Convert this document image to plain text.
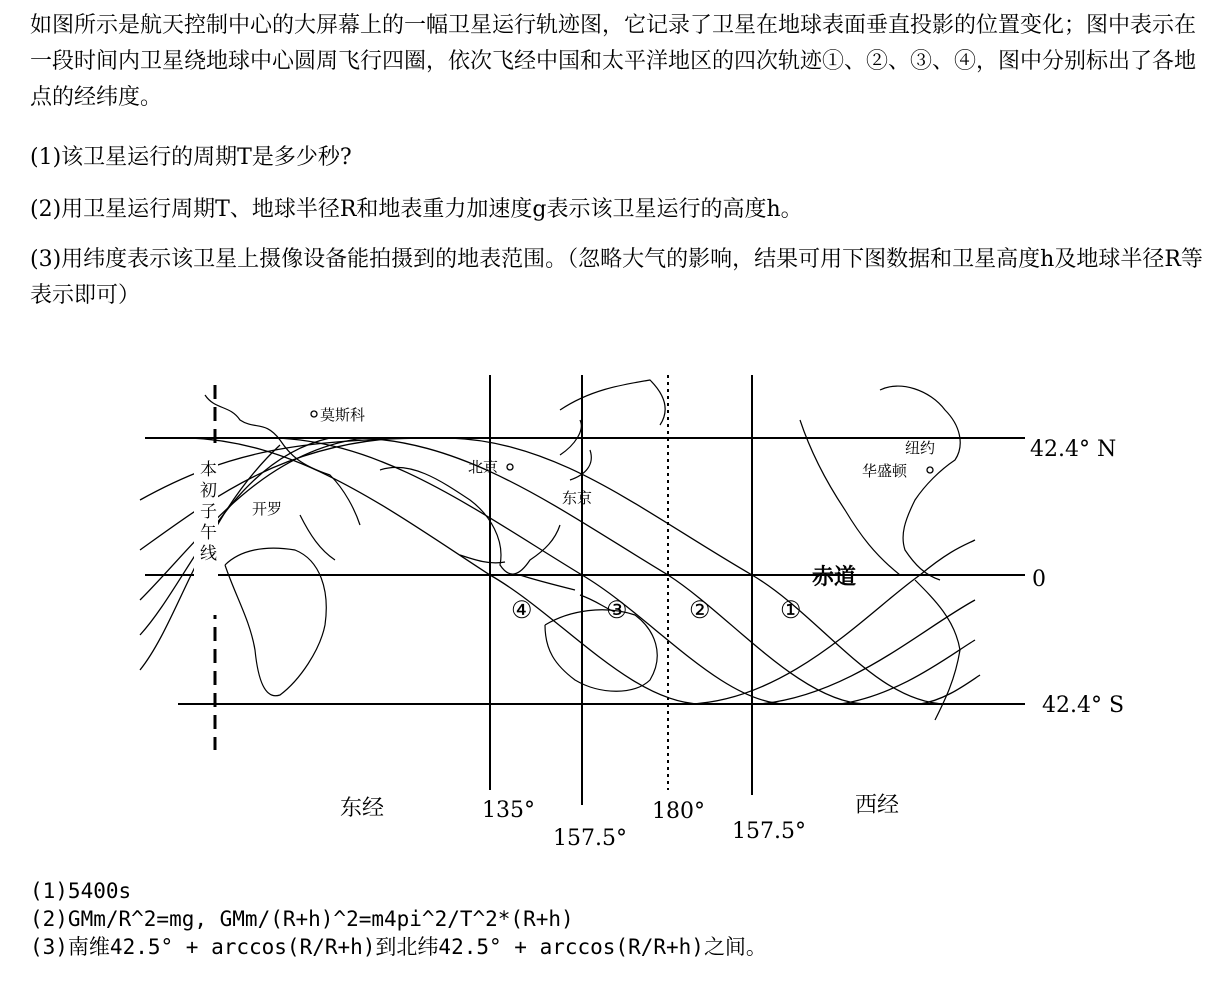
如图所示是航天控制中心的大屏幕上的一幅卫星运行轨迹图，它记录了卫星在地球表面垂直投影的位置变化；图中表示在一段时间内卫星绕地球中心圆周飞行四圈，依次飞经中国和太平洋地区的四次轨迹①、②、③、④，图中分别标出了各地点的经纬度。

(1)该卫星运行的周期T是多少秒?
(2)用卫星运行周期T、地球半径R和地表重力加速度g表示该卫星运行的高度h。
(3)用纬度表示该卫星上摄像设备能拍摄到的地表范围。（忽略大气的影响，结果可用下图数据和卫星高度h及地球半径R等表示即可）
莫斯科
开罗
北京
东京
纽约
华盛顿
本初子午线
①
②
③
④
赤道
42.4° N
0
42.4° S
东经	135°
157.5°
180°
157.5°
西经
(1)5400s
(2)GMm/R^2=mg, GMm/(R+h)^2=m4pi^2/T^2*(R+h)
(3)南维42.5° + arccos(R/R+h)到北纬42.5° + arccos(R/R+h)之间。
